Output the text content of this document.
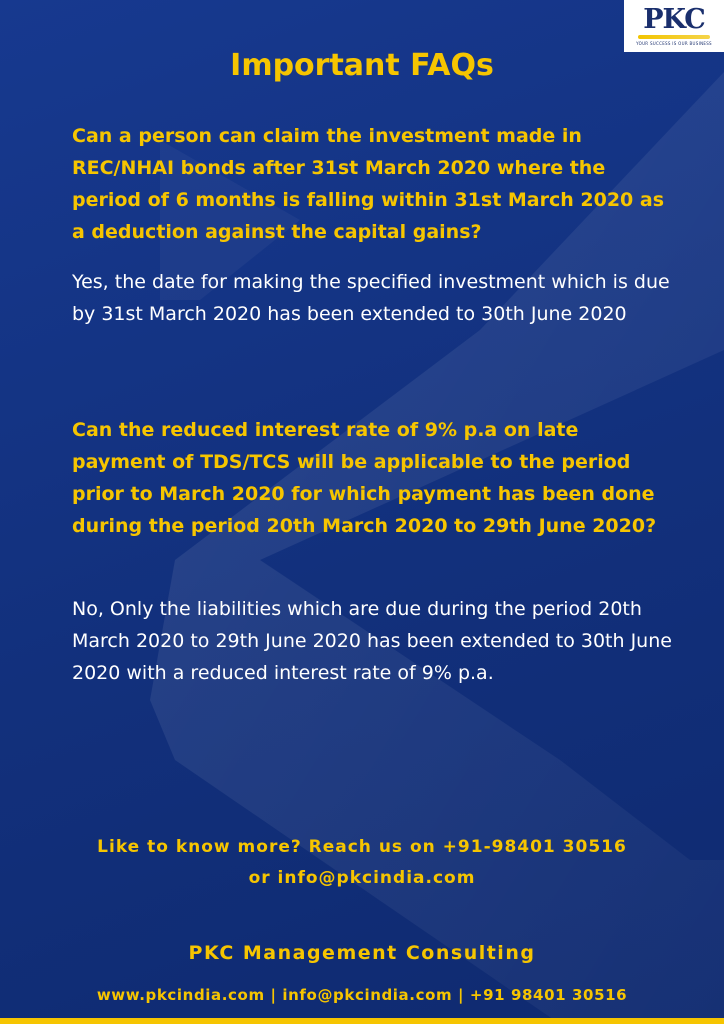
PKC
YOUR SUCCESS IS OUR BUSINESS
Important FAQs

Can a person can claim the investment made in REC/NHAI bonds after 31st March 2020 where the period of 6 months is falling within 31st March 2020 as a deduction against the capital gains?

Yes, the date for making the specified investment which is due by 31st March 2020 has been extended to 30th June 2020

Can the reduced interest rate of 9% p.a on late payment of TDS/TCS will be applicable to the period prior to March 2020 for which payment has been done during the period 20th March 2020 to 29th June 2020?

No, Only the liabilities which are due during the period 20th March 2020 to 29th June 2020 has been extended to 30th June 2020 with a reduced interest rate of 9% p.a.

Like to know more? Reach us on +91-98401 30516
or info@pkcindia.com
PKC Management Consulting
www.pkcindia.com | info@pkcindia.com | +91 98401 30516
